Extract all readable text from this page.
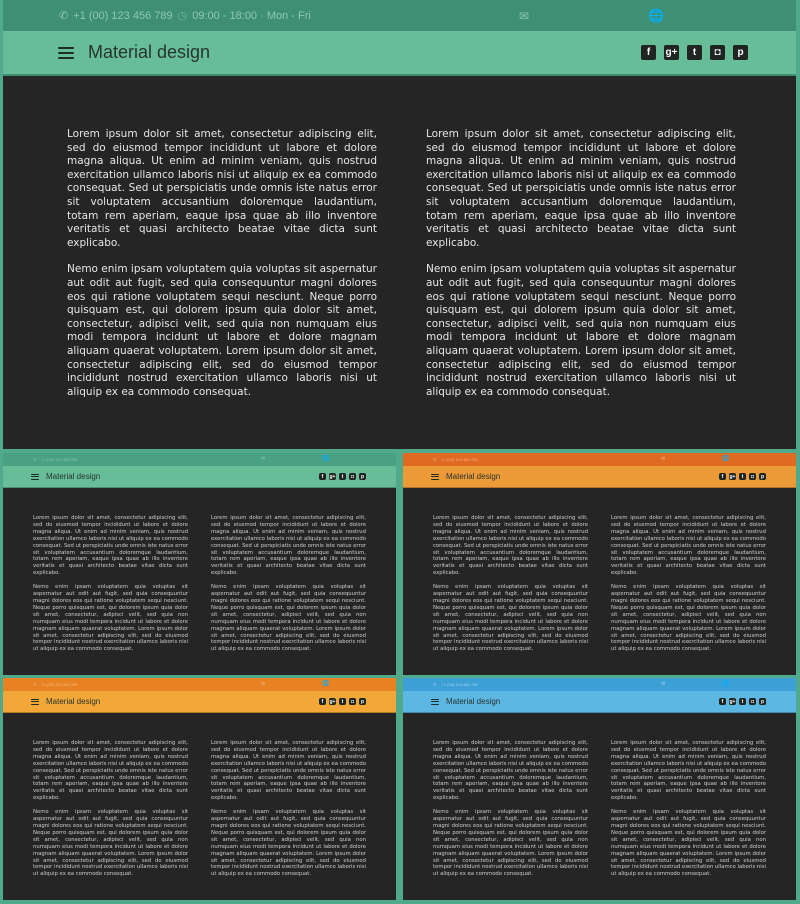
✆ +1 (00) 123 456 789 ◷ 09:00 - 18:00 · Mon - Fri	✉	🌐
Material design	f	g+	t	◘	p

Lorem ipsum dolor sit amet, consectetur adipiscing elit, sed do eiusmod tempor incididunt ut labore et dolore magna aliqua. Ut enim ad minim veniam, quis nostrud exercitation ullamco laboris nisi ut aliquip ex ea commodo consequat. Sed ut perspiciatis unde omnis iste natus error sit voluptatem accusantium doloremque laudantium, totam rem aperiam, eaque ipsa quae ab illo inventore veritatis et quasi architecto beatae vitae dicta sunt explicabo.

Nemo enim ipsam voluptatem quia voluptas sit aspernatur aut odit aut fugit, sed quia consequuntur magni dolores eos qui ratione voluptatem sequi nesciunt. Neque porro quisquam est, qui dolorem ipsum quia dolor sit amet, consectetur, adipisci velit, sed quia non numquam eius modi tempora incidunt ut labore et dolore magnam aliquam quaerat voluptatem. Lorem ipsum dolor sit amet, consectetur adipiscing elit, sed do eiusmod tempor incididunt nostrud exercitation ullamco laboris nisi ut aliquip ex ea commodo consequat.

Lorem ipsum dolor sit amet, consectetur adipiscing elit, sed do eiusmod tempor incididunt ut labore et dolore magna aliqua. Ut enim ad minim veniam, quis nostrud exercitation ullamco laboris nisi ut aliquip ex ea commodo consequat. Sed ut perspiciatis unde omnis iste natus error sit voluptatem accusantium doloremque laudantium, totam rem aperiam, eaque ipsa quae ab illo inventore veritatis et quasi architecto beatae vitae dicta sunt explicabo.

Nemo enim ipsam voluptatem quia voluptas sit aspernatur aut odit aut fugit, sed quia consequuntur magni dolores eos qui ratione voluptatem sequi nesciunt. Neque porro quisquam est, qui dolorem ipsum quia dolor sit amet, consectetur, adipisci velit, sed quia non numquam eius modi tempora incidunt ut labore et dolore magnam aliquam quaerat voluptatem. Lorem ipsum dolor sit amet, consectetur adipiscing elit, sed do eiusmod tempor incididunt nostrud exercitation ullamco laboris nisi ut aliquip ex ea commodo consequat.

✆ +1 (00) 123 456 789	✉	🌐
Material design	f	g+	t	◘	p

Lorem ipsum dolor sit amet, consectetur adipiscing elit, sed do eiusmod tempor incididunt ut labore et dolore magna aliqua. Ut enim ad minim veniam, quis nostrud exercitation ullamco laboris nisi ut aliquip ex ea commodo consequat. Sed ut perspiciatis unde omnis iste natus error sit voluptatem accusantium doloremque laudantium, totam rem aperiam, eaque ipsa quae ab illo inventore veritatis et quasi architecto beatae vitae dicta sunt explicabo.

Nemo enim ipsam voluptatem quia voluptas sit aspernatur aut odit aut fugit, sed quia consequuntur magni dolores eos qui ratione voluptatem sequi nesciunt. Neque porro quisquam est, qui dolorem ipsum quia dolor sit amet, consectetur, adipisci velit, sed quia non numquam eius modi tempora incidunt ut labore et dolore magnam aliquam quaerat voluptatem. Lorem ipsum dolor sit amet, consectetur adipiscing elit, sed do eiusmod tempor incididunt nostrud exercitation ullamco laboris nisi ut aliquip ex ea commodo consequat.

Lorem ipsum dolor sit amet, consectetur adipiscing elit, sed do eiusmod tempor incididunt ut labore et dolore magna aliqua. Ut enim ad minim veniam, quis nostrud exercitation ullamco laboris nisi ut aliquip ex ea commodo consequat. Sed ut perspiciatis unde omnis iste natus error sit voluptatem accusantium doloremque laudantium, totam rem aperiam, eaque ipsa quae ab illo inventore veritatis et quasi architecto beatae vitae dicta sunt explicabo.

Nemo enim ipsam voluptatem quia voluptas sit aspernatur aut odit aut fugit, sed quia consequuntur magni dolores eos qui ratione voluptatem sequi nesciunt. Neque porro quisquam est, qui dolorem ipsum quia dolor sit amet, consectetur, adipisci velit, sed quia non numquam eius modi tempora incidunt ut labore et dolore magnam aliquam quaerat voluptatem. Lorem ipsum dolor sit amet, consectetur adipiscing elit, sed do eiusmod tempor incididunt nostrud exercitation ullamco laboris nisi ut aliquip ex ea commodo consequat.

✆ +1 (00) 123 456 789	✉	🌐
Material design	f	g+	t	◘	p

Lorem ipsum dolor sit amet, consectetur adipiscing elit, sed do eiusmod tempor incididunt ut labore et dolore magna aliqua. Ut enim ad minim veniam, quis nostrud exercitation ullamco laboris nisi ut aliquip ex ea commodo consequat. Sed ut perspiciatis unde omnis iste natus error sit voluptatem accusantium doloremque laudantium, totam rem aperiam, eaque ipsa quae ab illo inventore veritatis et quasi architecto beatae vitae dicta sunt explicabo.

Nemo enim ipsam voluptatem quia voluptas sit aspernatur aut odit aut fugit, sed quia consequuntur magni dolores eos qui ratione voluptatem sequi nesciunt. Neque porro quisquam est, qui dolorem ipsum quia dolor sit amet, consectetur, adipisci velit, sed quia non numquam eius modi tempora incidunt ut labore et dolore magnam aliquam quaerat voluptatem. Lorem ipsum dolor sit amet, consectetur adipiscing elit, sed do eiusmod tempor incididunt nostrud exercitation ullamco laboris nisi ut aliquip ex ea commodo consequat.

Lorem ipsum dolor sit amet, consectetur adipiscing elit, sed do eiusmod tempor incididunt ut labore et dolore magna aliqua. Ut enim ad minim veniam, quis nostrud exercitation ullamco laboris nisi ut aliquip ex ea commodo consequat. Sed ut perspiciatis unde omnis iste natus error sit voluptatem accusantium doloremque laudantium, totam rem aperiam, eaque ipsa quae ab illo inventore veritatis et quasi architecto beatae vitae dicta sunt explicabo.

Nemo enim ipsam voluptatem quia voluptas sit aspernatur aut odit aut fugit, sed quia consequuntur magni dolores eos qui ratione voluptatem sequi nesciunt. Neque porro quisquam est, qui dolorem ipsum quia dolor sit amet, consectetur, adipisci velit, sed quia non numquam eius modi tempora incidunt ut labore et dolore magnam aliquam quaerat voluptatem. Lorem ipsum dolor sit amet, consectetur adipiscing elit, sed do eiusmod tempor incididunt nostrud exercitation ullamco laboris nisi ut aliquip ex ea commodo consequat.

✆ +1 (00) 123 456 789	✉	🌐
Material design	f	g+	t	◘	p

Lorem ipsum dolor sit amet, consectetur adipiscing elit, sed do eiusmod tempor incididunt ut labore et dolore magna aliqua. Ut enim ad minim veniam, quis nostrud exercitation ullamco laboris nisi ut aliquip ex ea commodo consequat. Sed ut perspiciatis unde omnis iste natus error sit voluptatem accusantium doloremque laudantium, totam rem aperiam, eaque ipsa quae ab illo inventore veritatis et quasi architecto beatae vitae dicta sunt explicabo.

Nemo enim ipsam voluptatem quia voluptas sit aspernatur aut odit aut fugit, sed quia consequuntur magni dolores eos qui ratione voluptatem sequi nesciunt. Neque porro quisquam est, qui dolorem ipsum quia dolor sit amet, consectetur, adipisci velit, sed quia non numquam eius modi tempora incidunt ut labore et dolore magnam aliquam quaerat voluptatem. Lorem ipsum dolor sit amet, consectetur adipiscing elit, sed do eiusmod tempor incididunt nostrud exercitation ullamco laboris nisi ut aliquip ex ea commodo consequat.

Lorem ipsum dolor sit amet, consectetur adipiscing elit, sed do eiusmod tempor incididunt ut labore et dolore magna aliqua. Ut enim ad minim veniam, quis nostrud exercitation ullamco laboris nisi ut aliquip ex ea commodo consequat. Sed ut perspiciatis unde omnis iste natus error sit voluptatem accusantium doloremque laudantium, totam rem aperiam, eaque ipsa quae ab illo inventore veritatis et quasi architecto beatae vitae dicta sunt explicabo.

Nemo enim ipsam voluptatem quia voluptas sit aspernatur aut odit aut fugit, sed quia consequuntur magni dolores eos qui ratione voluptatem sequi nesciunt. Neque porro quisquam est, qui dolorem ipsum quia dolor sit amet, consectetur, adipisci velit, sed quia non numquam eius modi tempora incidunt ut labore et dolore magnam aliquam quaerat voluptatem. Lorem ipsum dolor sit amet, consectetur adipiscing elit, sed do eiusmod tempor incididunt nostrud exercitation ullamco laboris nisi ut aliquip ex ea commodo consequat.

✆ +1 (00) 123 456 789	✉	🌐
Material design	f	g+	t	◘	p

Lorem ipsum dolor sit amet, consectetur adipiscing elit, sed do eiusmod tempor incididunt ut labore et dolore magna aliqua. Ut enim ad minim veniam, quis nostrud exercitation ullamco laboris nisi ut aliquip ex ea commodo consequat. Sed ut perspiciatis unde omnis iste natus error sit voluptatem accusantium doloremque laudantium, totam rem aperiam, eaque ipsa quae ab illo inventore veritatis et quasi architecto beatae vitae dicta sunt explicabo.

Nemo enim ipsam voluptatem quia voluptas sit aspernatur aut odit aut fugit, sed quia consequuntur magni dolores eos qui ratione voluptatem sequi nesciunt. Neque porro quisquam est, qui dolorem ipsum quia dolor sit amet, consectetur, adipisci velit, sed quia non numquam eius modi tempora incidunt ut labore et dolore magnam aliquam quaerat voluptatem. Lorem ipsum dolor sit amet, consectetur adipiscing elit, sed do eiusmod tempor incididunt nostrud exercitation ullamco laboris nisi ut aliquip ex ea commodo consequat.

Lorem ipsum dolor sit amet, consectetur adipiscing elit, sed do eiusmod tempor incididunt ut labore et dolore magna aliqua. Ut enim ad minim veniam, quis nostrud exercitation ullamco laboris nisi ut aliquip ex ea commodo consequat. Sed ut perspiciatis unde omnis iste natus error sit voluptatem accusantium doloremque laudantium, totam rem aperiam, eaque ipsa quae ab illo inventore veritatis et quasi architecto beatae vitae dicta sunt explicabo.

Nemo enim ipsam voluptatem quia voluptas sit aspernatur aut odit aut fugit, sed quia consequuntur magni dolores eos qui ratione voluptatem sequi nesciunt. Neque porro quisquam est, qui dolorem ipsum quia dolor sit amet, consectetur, adipisci velit, sed quia non numquam eius modi tempora incidunt ut labore et dolore magnam aliquam quaerat voluptatem. Lorem ipsum dolor sit amet, consectetur adipiscing elit, sed do eiusmod tempor incididunt nostrud exercitation ullamco laboris nisi ut aliquip ex ea commodo consequat.
